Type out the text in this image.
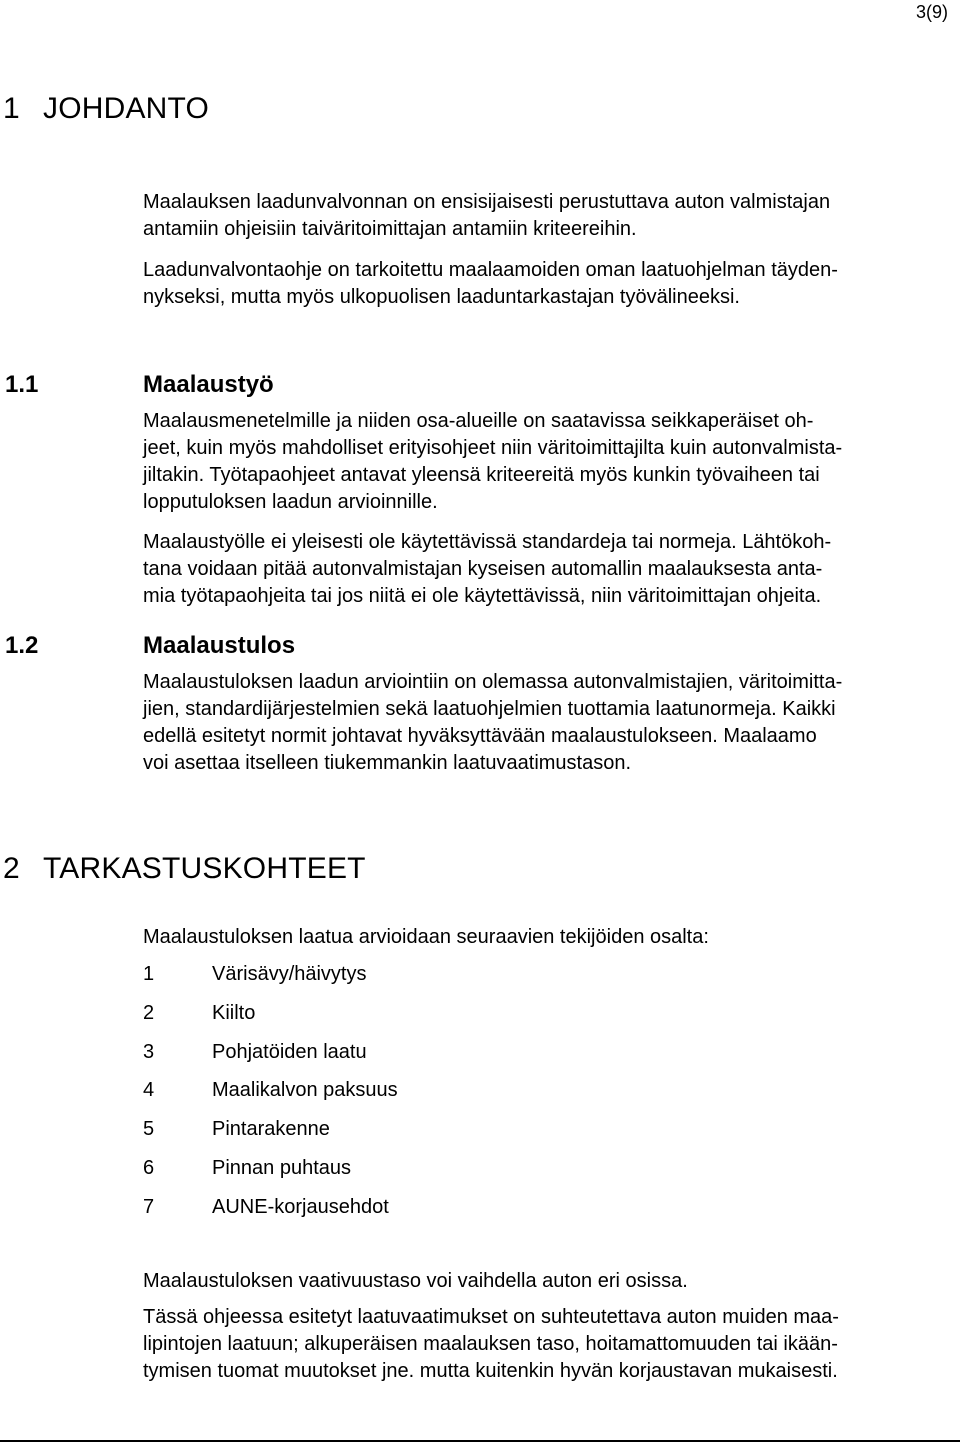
3(9)
1 JOHDANTO

Maalauksen laadunvalvonnan on ensisijaisesti perustuttava auton valmistajan
antamiin ohjeisiin taiväritoimittajan antamiin kriteereihin.

Laadunvalvontaohje on tarkoitettu maalaamoiden oman laatuohjelman täyden-
nykseksi, mutta myös ulkopuolisen laaduntarkastajan työvälineeksi.

1.1	Maalaustyö

Maalausmenetelmille ja niiden osa-alueille on saatavissa seikkaperäiset oh-
jeet, kuin myös mahdolliset erityisohjeet niin väritoimittajilta kuin autonvalmista-
jiltakin. Työtapaohjeet antavat yleensä kriteereitä myös kunkin työvaiheen tai
lopputuloksen laadun arvioinnille.

Maalaustyölle ei yleisesti ole käytettävissä standardeja tai normeja. Lähtökoh-
tana voidaan pitää autonvalmistajan kyseisen automallin maalauksesta anta-
mia työtapaohjeita tai jos niitä ei ole käytettävissä, niin väritoimittajan ohjeita.

1.2	Maalaustulos

Maalaustuloksen laadun arviointiin on olemassa autonvalmistajien, väritoimitta-
jien, standardijärjestelmien sekä laatuohjelmien tuottamia laatunormeja. Kaikki
edellä esitetyt normit johtavat hyväksyttävään maalaustulokseen. Maalaamo
voi asettaa itselleen tiukemmankin laatuvaatimustason.

2 TARKASTUSKOHTEET

Maalaustuloksen laatua arvioidaan seuraavien tekijöiden osalta:

1	Värisävy/häivytys
2	Kiilto
3	Pohjatöiden laatu
4	Maalikalvon paksuus
5	Pintarakenne
6	Pinnan puhtaus
7	AUNE-korjausehdot

Maalaustuloksen vaativuustaso voi vaihdella auton eri osissa.

Tässä ohjeessa esitetyt laatuvaatimukset on suhteutettava auton muiden maa-
lipintojen laatuun; alkuperäisen maalauksen taso, hoitamattomuuden tai ikään-
tymisen tuomat muutokset jne. mutta kuitenkin hyvän korjaustavan mukaisesti.
